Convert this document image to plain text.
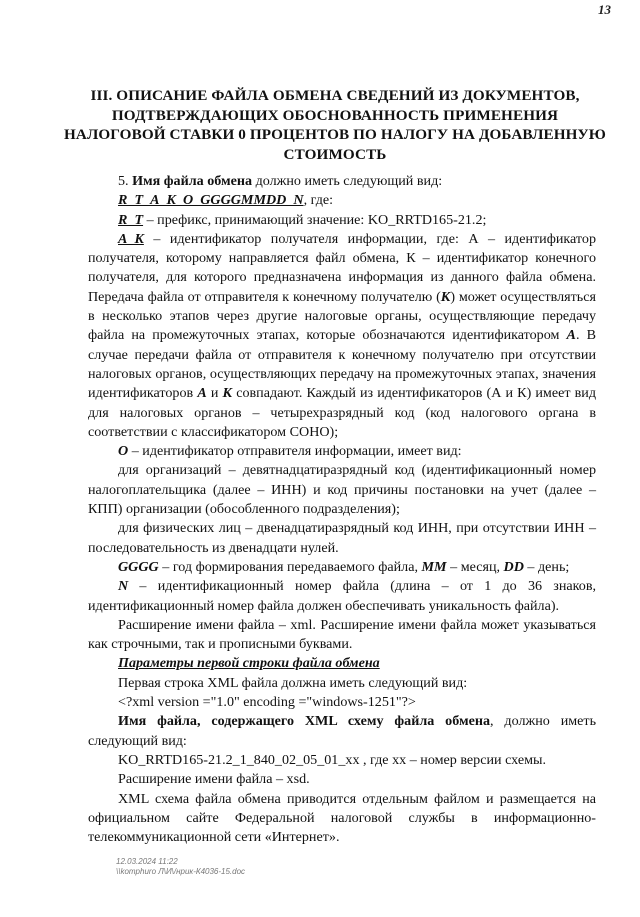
13
III. ОПИСАНИЕ ФАЙЛА ОБМЕНА СВЕДЕНИЙ ИЗ ДОКУМЕНТОВ, ПОДТВЕРЖДАЮЩИХ ОБОСНОВАННОСТЬ ПРИМЕНЕНИЯ НАЛОГОВОЙ СТАВКИ 0 ПРОЦЕНТОВ ПО НАЛОГУ НА ДОБАВЛЕННУЮ СТОИМОСТЬ

5. Имя файла обмена должно иметь следующий вид:

R_T_A_K_O_GGGGMMDD_N, где:

R_T – префикс, принимающий значение: KO_RRTD165-21.2;

A_K – идентификатор получателя информации, где: А – идентификатор получателя, которому направляется файл обмена, К – идентификатор конечного получателя, для которого предназначена информация из данного файла обмена. Передача файла от отправителя к конечному получателю (К) может осуществляться в несколько этапов через другие налоговые органы, осуществляющие передачу файла на промежуточных этапах, которые обозначаются идентификатором А. В случае передачи файла от отправителя к конечному получателю при отсутствии налоговых органов, осуществляющих передачу на промежуточных этапах, значения идентификаторов А и К совпадают. Каждый из идентификаторов (А и К) имеет вид для налоговых органов – четырехразрядный код (код налогового органа в соответствии с классификатором СОНО);

O – идентификатор отправителя информации, имеет вид:

для организаций – девятнадцатиразрядный код (идентификационный номер налогоплательщика (далее – ИНН) и код причины постановки на учет (далее – КПП) организации (обособленного подразделения);

для физических лиц – двенадцатиразрядный код ИНН, при отсутствии ИНН – последовательность из двенадцати нулей.

GGGG – год формирования передаваемого файла, MM – месяц, DD – день;

N – идентификационный номер файла (длина – от 1 до 36 знаков, идентификационный номер файла должен обеспечивать уникальность файла).

Расширение имени файла – xml. Расширение имени файла может указываться как строчными, так и прописными буквами.

Параметры первой строки файла обмена

Первая строка XML файла должна иметь следующий вид:

<?xml version ="1.0" encoding ="windows-1251"?>

Имя файла, содержащего XML схему файла обмена, должно иметь следующий вид:

KO_RRTD165-21.2_1_840_02_05_01_xx , где хх – номер версии схемы.

Расширение имени файла – xsd.

XML схема файла обмена приводится отдельным файлом и размещается на официальном сайте Федеральной налоговой службы в информационно-телекоммуникационной сети «Интернет».

12.03.2024 11:22
\\komphuro Л\И\/нрик-К4036-15.doc
